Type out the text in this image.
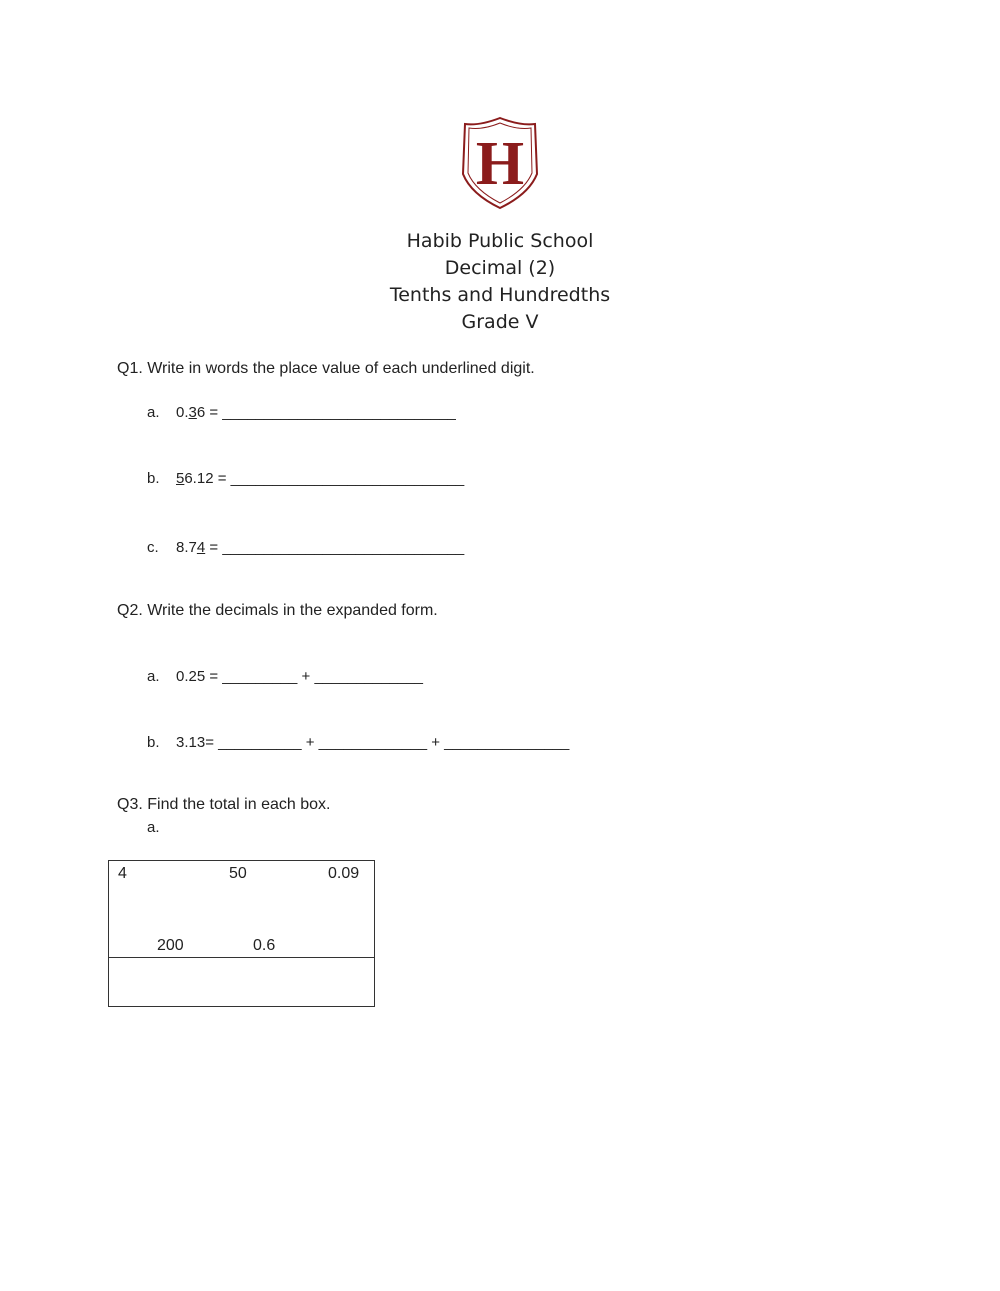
H
Habib Public School
Decimal (2)
Tenths and Hundredths
Grade V
Q1. Write in words the place value of each underlined digit.
a. 0.36 = ____________________________
b. 56.12 = ____________________________
c. 8.74 = _____________________________
Q2. Write the decimals in the expanded form.
a. 0.25 = _________ + _____________
b. 3.13= __________ + _____________ + _______________
Q3. Find the total in each box.
a.
4	50	0.09
200	0.6
